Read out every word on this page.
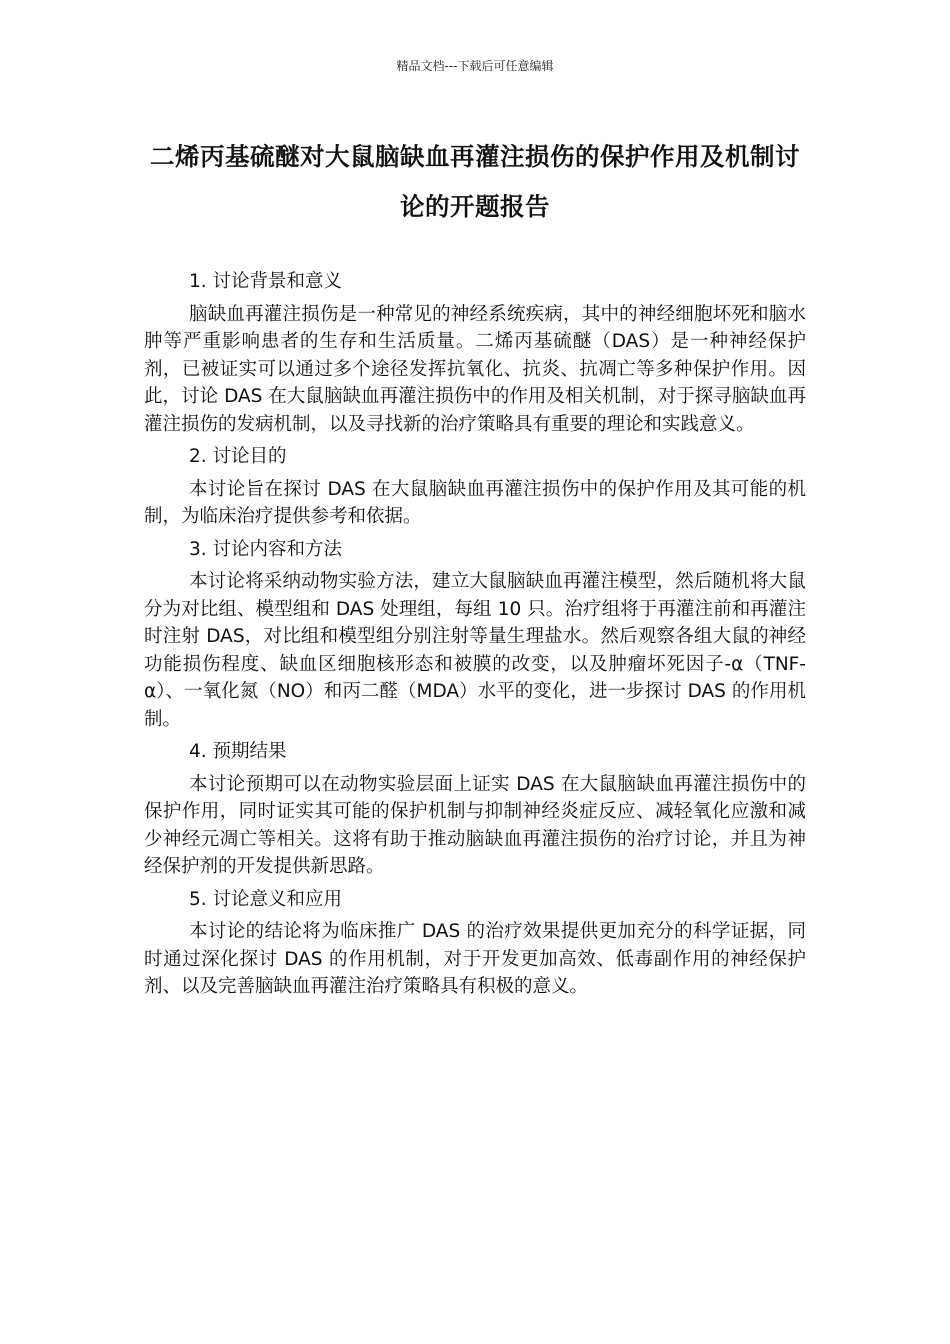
精品文档---下载后可任意编辑
二烯丙基硫醚对大鼠脑缺血再灌注损伤的保护作用及机制讨论的开题报告

1. 讨论背景和意义

脑缺血再灌注损伤是一种常见的神经系统疾病，其中的神经细胞坏死和脑水肿等严重影响患者的生存和生活质量。二烯丙基硫醚（DAS）是一种神经保护剂，已被证实可以通过多个途径发挥抗氧化、抗炎、抗凋亡等多种保护作用。因此，讨论 DAS 在大鼠脑缺血再灌注损伤中的作用及相关机制，对于探寻脑缺血再灌注损伤的发病机制，以及寻找新的治疗策略具有重要的理论和实践意义。

2. 讨论目的

本讨论旨在探讨 DAS 在大鼠脑缺血再灌注损伤中的保护作用及其可能的机制，为临床治疗提供参考和依据。

3. 讨论内容和方法

本讨论将采纳动物实验方法，建立大鼠脑缺血再灌注模型，然后随机将大鼠分为对比组、模型组和 DAS 处理组，每组 10 只。治疗组将于再灌注前和再灌注时注射 DAS，对比组和模型组分别注射等量生理盐水。然后观察各组大鼠的神经功能损伤程度、缺血区细胞核形态和被膜的改变，以及肿瘤坏死因子-α（TNF-α）、一氧化氮（NO）和丙二醛（MDA）水平的变化，进一步探讨 DAS 的作用机制。

4. 预期结果

本讨论预期可以在动物实验层面上证实 DAS 在大鼠脑缺血再灌注损伤中的保护作用，同时证实其可能的保护机制与抑制神经炎症反应、减轻氧化应激和减少神经元凋亡等相关。这将有助于推动脑缺血再灌注损伤的治疗讨论，并且为神经保护剂的开发提供新思路。

5. 讨论意义和应用

本讨论的结论将为临床推广 DAS 的治疗效果提供更加充分的科学证据，同时通过深化探讨 DAS 的作用机制，对于开发更加高效、低毒副作用的神经保护剂、以及完善脑缺血再灌注治疗策略具有积极的意义。
